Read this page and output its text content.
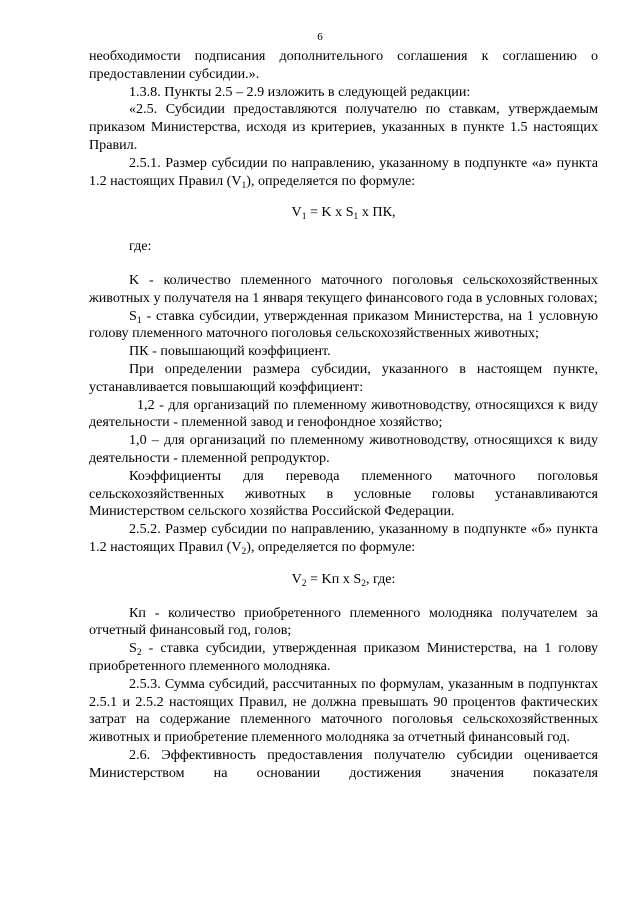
6

необходимости подписания дополнительного соглашения к соглашению о предоставлении субсидии.».

1.3.8. Пункты 2.5 – 2.9 изложить в следующей редакции:

«2.5. Субсидии предоставляются получателю по ставкам, утверждаемым приказом Министерства, исходя из критериев, указанных в пункте 1.5 настоящих Правил.

2.5.1. Размер субсидии по направлению, указанному в подпункте «а» пункта 1.2 настоящих Правил $(V_1)$, определяется по формуле:

$V_1 = K$ x $S_1$ x ПК,

где:

K - количество племенного маточного поголовья сельскохозяйственных животных у получателя на 1 января текущего финансового года в условных головах;

$S_1$ - ставка субсидии, утвержденная приказом Министерства, на 1 условную голову племенного маточного поголовья сельскохозяйственных животных;

ПК - повышающий коэффициент.

При определении размера субсидии, указанного в настоящем пункте, устанавливается повышающий коэффициент:

1,2 - для организаций по племенному животноводству, относящихся к виду деятельности - племенной завод и генофондное хозяйство;

1,0 – для организаций по племенному животноводству, относящихся к виду деятельности - племенной репродуктор.

Коэффициенты для перевода племенного маточного поголовья сельскохозяйственных животных в условные головы устанавливаются Министерством сельского хозяйства Российской Федерации.

2.5.2. Размер субсидии по направлению, указанному в подпункте «б» пункта 1.2 настоящих Правил $(V_2)$, определяется по формуле:

$V_2$ = Kп x $S_2$, где:

Кп - количество приобретенного племенного молодняка получателем за отчетный финансовый год, голов;

$S_2$ - ставка субсидии, утвержденная приказом Министерства, на 1 голову приобретенного племенного молодняка.

2.5.3. Сумма субсидий, рассчитанных по формулам, указанным в подпунктах 2.5.1 и 2.5.2 настоящих Правил, не должна превышать 90 процентов фактических затрат на содержание племенного маточного поголовья сельскохозяйственных животных и приобретение племенного молодняка за отчетный финансовый год.

2.6. Эффективность предоставления получателю субсидии оценивается Министерством на основании достижения значения показателя
